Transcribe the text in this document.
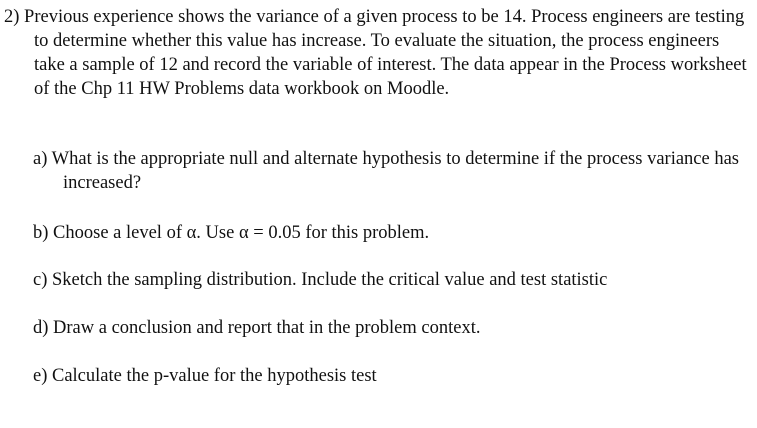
2) Previous experience shows the variance of a given process to be 14. Process engineers are testing to determine whether this value has increase. To evaluate the situation, the process engineers take a sample of 12 and record the variable of interest. The data appear in the Process worksheet of the Chp 11 HW Problems data workbook on Moodle.

a) What is the appropriate null and alternate hypothesis to determine if the process variance has increased?

b) Choose a level of α. Use α = 0.05 for this problem.

c) Sketch the sampling distribution. Include the critical value and test statistic

d) Draw a conclusion and report that in the problem context.

e) Calculate the p-value for the hypothesis test
